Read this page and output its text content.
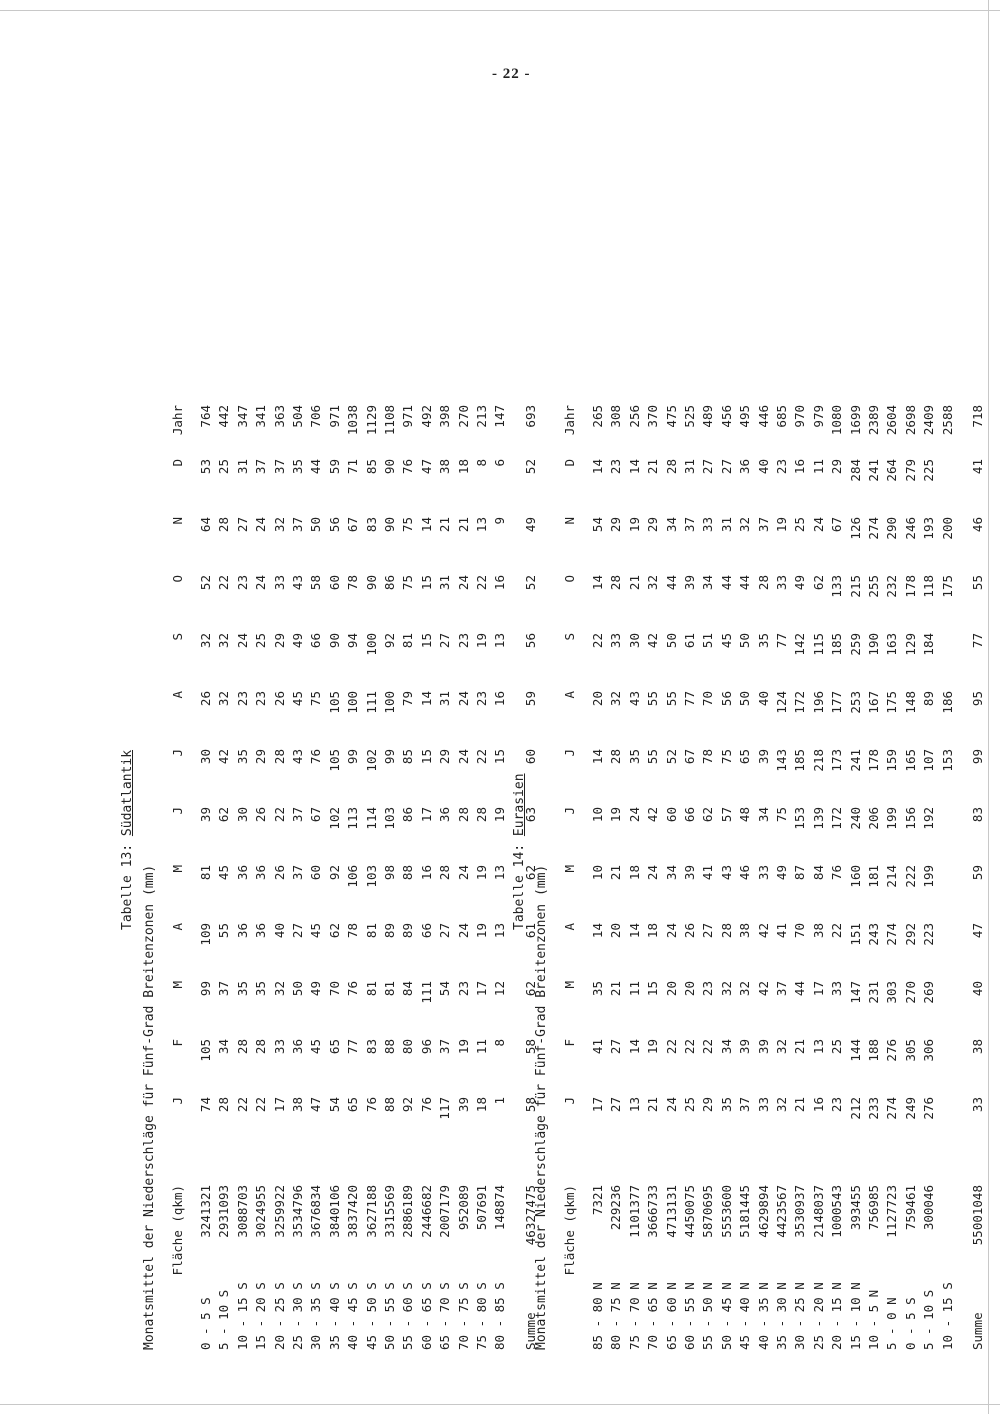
- 22 -
Tabelle 13: Südatlantik
Monatsmittel der Niederschläge für Fünf-Grad Breitenzonen (mm) Fläche (qkm)
J
F
M
A
M
J
J
A
S
O
N
D
Jahr
0 - 5 S
3241321
74
105
99
109
81
39
30
26
32
52
64
53
764
5 - 10 S
2931093
28
34
37
55
45
62
42
32
32
22
28
25
442
10 - 15 S
3088703
22
28
35
36
36
30
35
23
24
23
27
31
347
15 - 20 S
3024955
22
28
35
36
36
26
29
23
25
24
24
37
341
20 - 25 S
3259922
17
33
32
40
26
22
28
26
29
33
32
37
363
25 - 30 S
3534796
38
36
50
27
37
37
43
45
49
43
37
35
504
30 - 35 S
3676834
47
45
49
45
60
67
76
75
66
58
50
44
706
35 - 40 S
3840106
54
65
70
62
92
102
105
105
90
60
56
59
971
40 - 45 S
3837420
65
77
76
78
106
113
99
100
94
78
67
71
1038
45 - 50 S
3627188
76
83
81
81
103
114
102
111
100
90
83
85
1129
50 - 55 S
3315569
88
88
81
89
98
103
99
100
92
86
90
90
1108
55 - 60 S
2886189
92
80
84
89
88
86
85
79
81
75
75
76
971
60 - 65 S
2446682
76
96
111
66
16
17
15
14
15
15
14
47
492
65 - 70 S
2007179
117
37
54
27
28
36
29
31
27
31
21
38
398
70 - 75 S
952089
39
19
23
24
24
28
24
24
23
24
21
18
270
75 - 80 S
507691
18
11
17
19
19
28
22
23
19
22
13
8
213
80 - 85 S
148874
1
8
12
13
13
19
15
16
13
16
9
6
147
Summe
46327475
58
58
62
61
62
63
60
59
56
52
49
52
693
Tabelle 14: Eurasien
Monatsmittel der Niederschläge für Fünf-Grad Breitenzonen (mm) Fläche (qkm)
J
F
M
A
M
J
J
A
S
O
N
D
Jahr
85 - 80 N
7321
17
41
35
14
10
10
14
20
22
14
54
14
265
80 - 75 N
229236
27
27
21
20
21
19
28
32
33
28
29
23
308
75 - 70 N
1101377
13
14
11
14
18
24
35
43
30
21
19
14
256
70 - 65 N
3666733
21
19
15
18
24
42
55
55
42
32
29
21
370
65 - 60 N
4713131
24
22
20
24
34
60
52
55
50
44
34
28
475
60 - 55 N
4450075
25
22
20
26
39
66
67
77
61
39
37
31
525
55 - 50 N
5870695
29
22
23
27
41
62
78
70
51
34
33
27
489
50 - 45 N
5553600
35
34
32
28
43
57
75
56
45
44
31
27
456
45 - 40 N
5181445
37
39
32
38
46
48
65
50
50
44
32
36
495
40 - 35 N
4629894
33
39
42
42
33
34
39
40
35
28
37
40
446
35 - 30 N
4423567
32
32
37
41
49
75
143
124
77
33
19
23
685
30 - 25 N
3530937
21
21
44
70
87
153
185
172
142
49
25
16
970
25 - 20 N
2148037
16
13
17
38
84
139
218
196
115
62
24
11
979
20 - 15 N
1000543
23
25
33
22
76
172
173
177
185
133
67
29
1080
15 - 10 N
393455
212
144
147
151
160
240
241
253
259
215
126
284
1699
10 - 5 N
756985
233
188
231
243
181
206
178
167
190
255
274
241
2389
5 - 0 N
1127723
274
276
303
274
214
199
159
175
163
232
290
264
2604
0 - 5 S
759461
249
305
270
292
222
156
165
148
129
178
246
279
2698
5 - 10 S
300046
276
306
269
223
199
192
107
89
184
118
193
225
2409
10 - 15 S
153
186
175
200
2588
Summe
55001048
33
38
40
47
59
83
99
95
77
55
46
41
718
